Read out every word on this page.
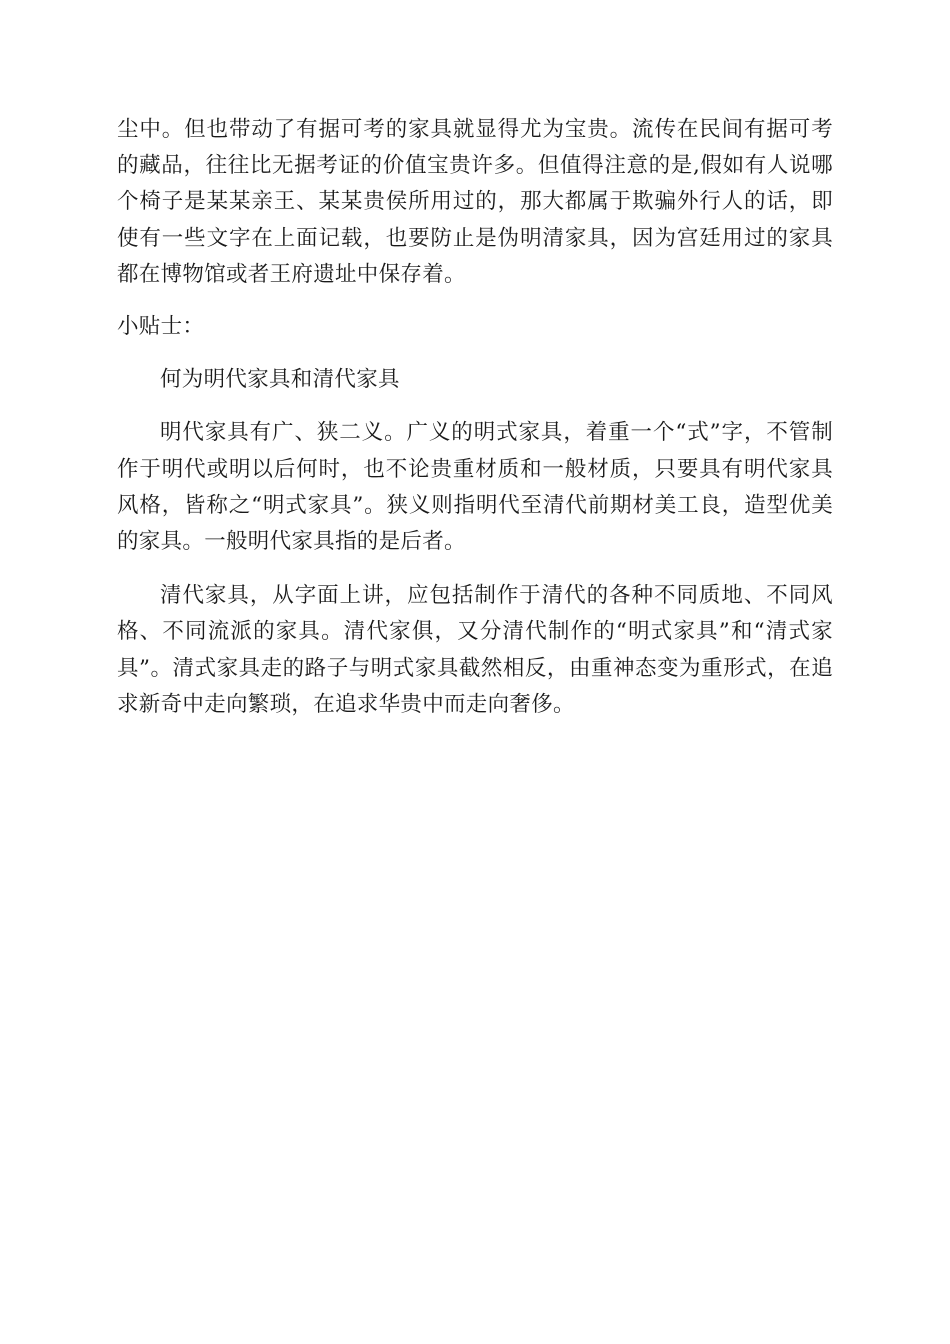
尘中。但也带动了有据可考的家具就显得尤为宝贵。流传在民间有据可考的藏品，往往比无据考证的价值宝贵许多。但值得注意的是,假如有人说哪个椅子是某某亲王、某某贵侯所用过的，那大都属于欺骗外行人的话，即使有一些文字在上面记载，也要防止是伪明清家具，因为宫廷用过的家具都在博物馆或者王府遗址中保存着。

小贴士：

何为明代家具和清代家具

明代家具有广、狭二义。广义的明式家具，着重一个“式”字，不管制作于明代或明以后何时，也不论贵重材质和一般材质，只要具有明代家具风格，皆称之“明式家具”。狭义则指明代至清代前期材美工良，造型优美的家具。一般明代家具指的是后者。

清代家具，从字面上讲，应包括制作于清代的各种不同质地、不同风格、不同流派的家具。清代家俱，又分清代制作的“明式家具”和“清式家具”。清式家具走的路子与明式家具截然相反，由重神态变为重形式，在追求新奇中走向繁琐，在追求华贵中而走向奢侈。
